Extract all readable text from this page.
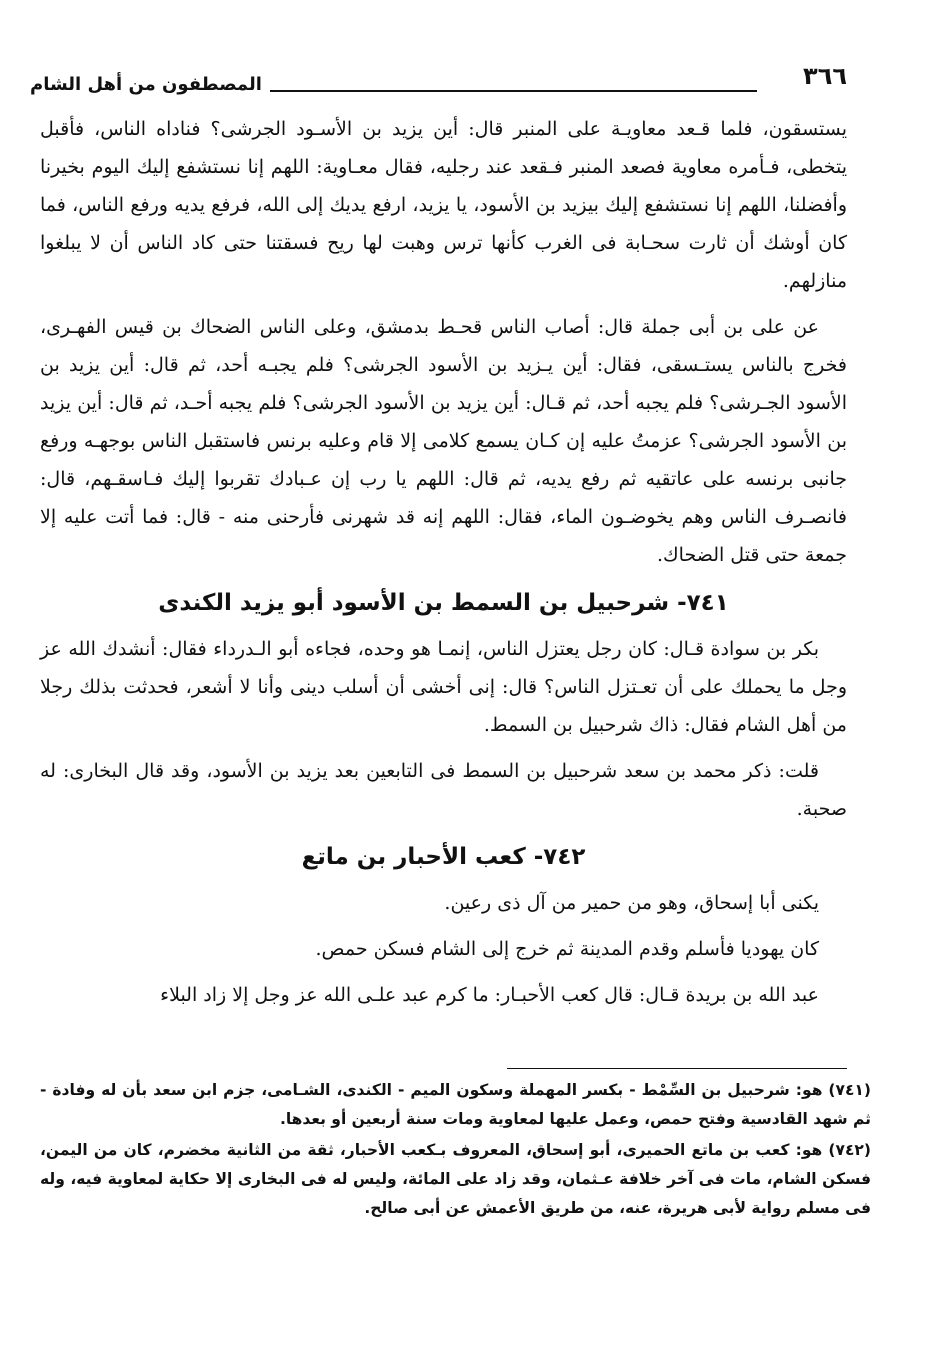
٣٦٦
المصطفون من أهل الشام

يستسقون، فلما قـعد معاويـة على المنبر قال: أين يزيد بن الأسـود الجرشى؟ فناداه الناس، فأقبل يتخطى، فـأمره معاوية فصعد المنبر فـقعد عند رجليه، فقال معـاوية: اللهم إنا نستشفع إليك اليوم بخيرنا وأفضلنا، اللهم إنا نستشفع إليك بيزيد بن الأسود، يا يزيد، ارفع يديك إلى الله، فرفع يديه ورفع الناس، فما كان أوشك أن ثارت سحـابة فى الغرب كأنها ترس وهبت لها ريح فسقتنا حتى كاد الناس أن لا يبلغوا منازلهم.

عن على بن أبى جملة قال: أصاب الناس قحـط بدمشق، وعلى الناس الضحاك بن قيس الفهـرى، فخرج بالناس يستـسقى، فقال: أين يـزيد بن الأسود الجرشى؟ فلم يجبـه أحد، ثم قال: أين يزيد بن الأسود الجـرشى؟ فلم يجبه أحد، ثم قـال: أين يزيد بن الأسود الجرشى؟ فلم يجبه أحـد، ثم قال: أين يزيد بن الأسود الجرشى؟ عزمتُ عليه إن كـان يسمع كلامى إلا قام وعليه برنس فاستقبل الناس بوجهـه ورفع جانبى برنسه على عاتقيه ثم رفع يديه، ثم قال: اللهم يا رب إن عـبادك تقربوا إليك فـاسقـهم، قال: فانصـرف الناس وهم يخوضـون الماء، فقال: اللهم إنه قد شهرنى فأرحنى منه - قال: فما أتت عليه إلا جمعة حتى قتل الضحاك.

٧٤١- شرحبيل بن السمط بن الأسود أبو يزيد الكندى

بكر بن سوادة قـال: كان رجل يعتزل الناس، إنمـا هو وحده، فجاءه أبو الـدرداء فقال: أنشدك الله عز وجل ما يحملك على أن تعـتزل الناس؟ قال: إنى أخشى أن أسلب دينى وأنا لا أشعر، فحدثت بذلك رجلا من أهل الشام فقال: ذاك شرحبيل بن السمط.

قلت: ذكر محمد بن سعد شرحبيل بن السمط فى التابعين بعد يزيد بن الأسود، وقد قال البخارى: له صحبة.

٧٤٢- كعب الأحبار بن ماتع

يكنى أبا إسحاق، وهو من حمير من آل ذى رعين.

كان يهوديا فأسلم وقدم المدينة ثم خرج إلى الشام فسكن حمص.

عبد الله بن بريدة قـال: قال كعب الأحبـار: ما كرم عبد علـى الله عز وجل إلا زاد البلاء

(٧٤١) هو: شرحبيل بن السِّمْط - بكسر المهملة وسكون الميم - الكندى، الشـامى، جزم ابن سعد بأن له وفادة - ثم شهد القادسية وفتح حمص، وعمل عليها لمعاوية ومات سنة أربعين أو بعدها.

(٧٤٢) هو: كعب بن ماتع الحميرى، أبو إسحاق، المعروف بـكعب الأحبار، ثقة من الثانية مخضرم، كان من اليمن، فسكن الشام، مات فى آخر خلافة عـثمان، وقد زاد على المائة، وليس له فى البخارى إلا حكاية لمعاوية فيه، وله فى مسلم رواية لأبى هريرة، عنه، من طريق الأعمش عن أبى صالح.
